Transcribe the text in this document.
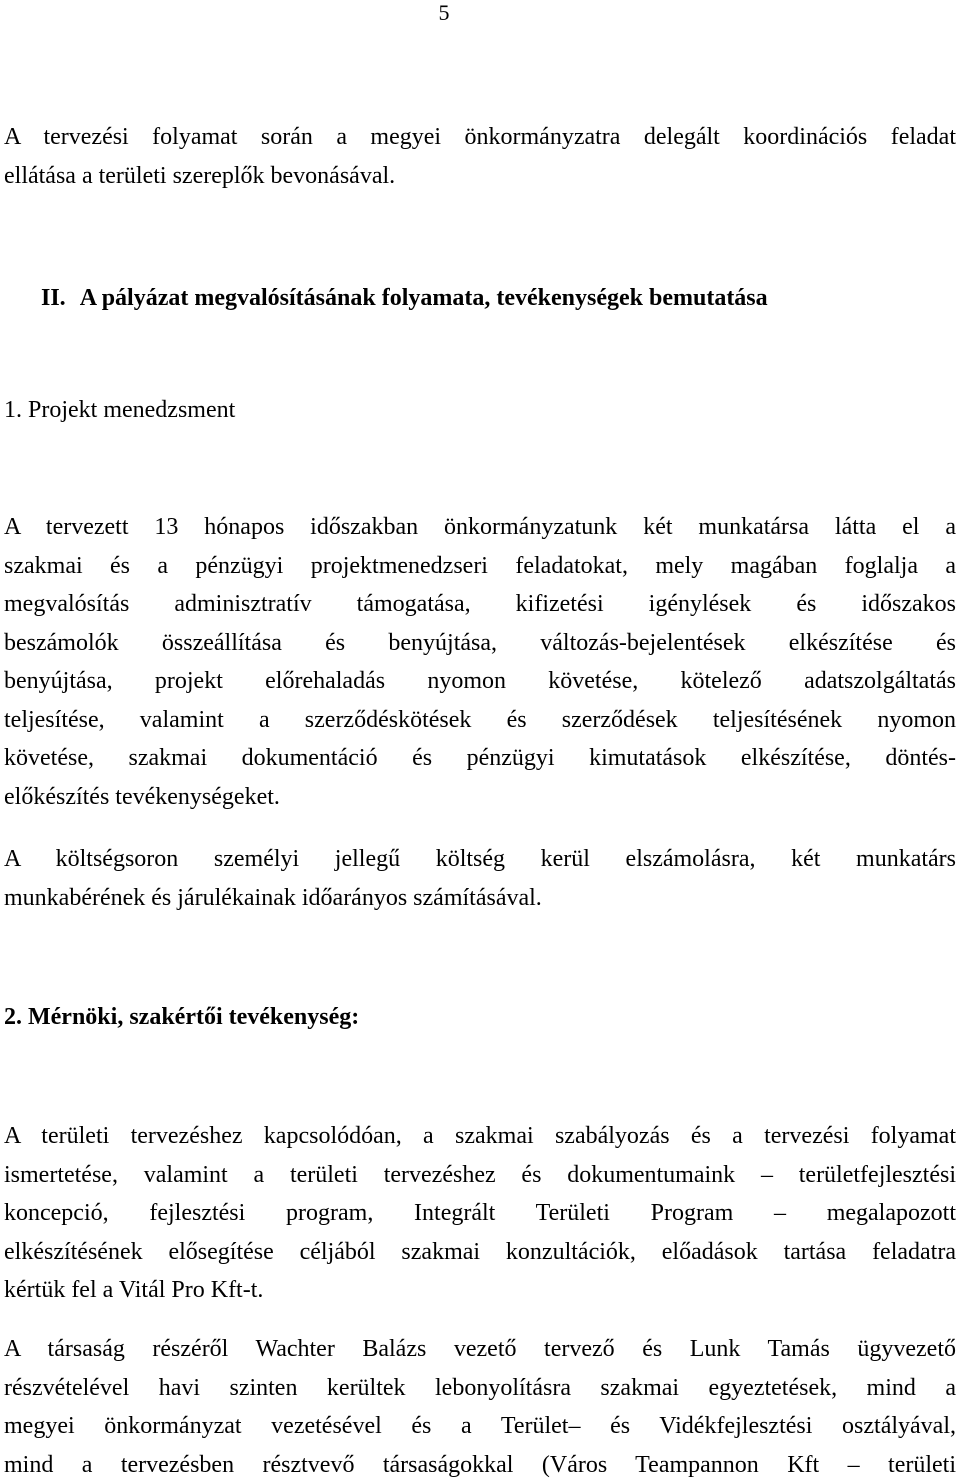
5
A tervezési folyamat során a megyei önkormányzatra delegált koordinációs feladat
ellátása a területi szereplők bevonásával.
II. A pályázat megvalósításának folyamata, tevékenységek bemutatása
1. Projekt menedzsment
A tervezett 13 hónapos időszakban önkormányzatunk két munkatársa látta el a
szakmai és a pénzügyi projektmenedzseri feladatokat, mely magában foglalja a
megvalósítás adminisztratív támogatása, kifizetési igénylések és időszakos
beszámolók összeállítása és benyújtása, változás-bejelentések elkészítése és
benyújtása, projekt előrehaladás nyomon követése, kötelező adatszolgáltatás
teljesítése, valamint a szerződéskötések és szerződések teljesítésének nyomon
követése, szakmai dokumentáció és pénzügyi kimutatások elkészítése, döntés-
előkészítés tevékenységeket.
A költségsoron személyi jellegű költség kerül elszámolásra, két munkatárs
munkabérének és járulékainak időarányos számításával.
2. Mérnöki, szakértői tevékenység:
A területi tervezéshez kapcsolódóan, a szakmai szabályozás és a tervezési folyamat
ismertetése, valamint a területi tervezéshez és dokumentumaink – területfejlesztési
koncepció, fejlesztési program, Integrált Területi Program – megalapozott
elkészítésének elősegítése céljából szakmai konzultációk, előadások tartása feladatra
kértük fel a Vitál Pro Kft-t.
A társaság részéről Wachter Balázs vezető tervező és Lunk Tamás ügyvezető
részvételével havi szinten kerültek lebonyolításra szakmai egyeztetések, mind a
megyei önkormányzat vezetésével és a Terület– és Vidékfejlesztési osztályával,
mind a tervezésben résztvevő társaságokkal (Város Teampannon Kft – területi
